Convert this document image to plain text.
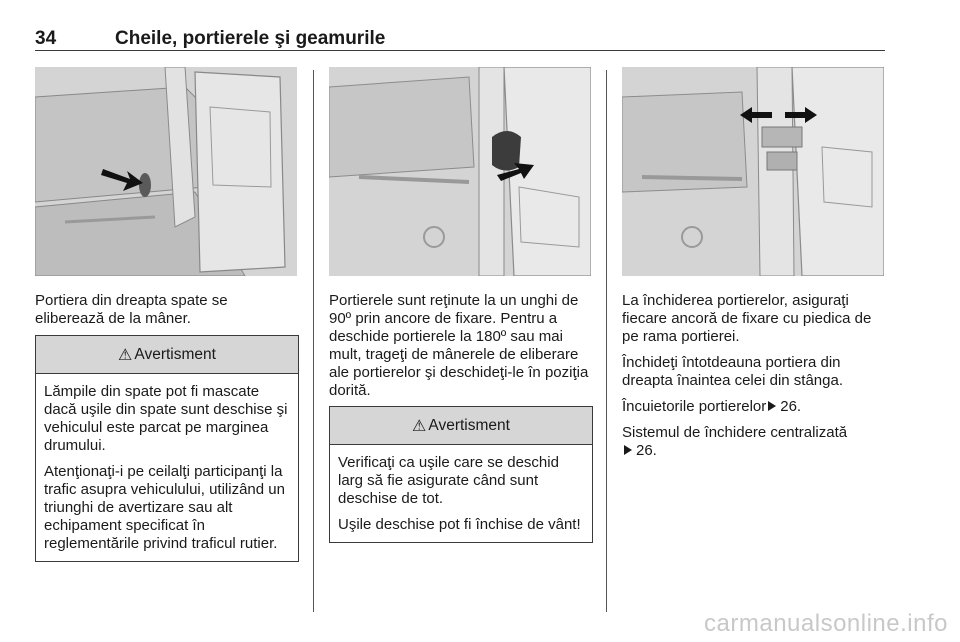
34	Cheile, portierele şi geamurile

Portiera din dreapta spate se eliberează de la mâner.

⚠ Avertisment

Lămpile din spate pot fi mascate dacă uşile din spate sunt deschise şi vehiculul este parcat pe marginea drumului.

Atenţionaţi-i pe ceilalţi participanţi la trafic asupra vehiculului, utilizând un triunghi de avertizare sau alt echipament specificat în reglementările privind traficul rutier.

Portierele sunt reţinute la un unghi de 90º prin ancore de fixare. Pentru a deschide portierele la 180º sau mai mult, trageţi de mânerele de eliberare ale portierelor şi deschideţi-le în poziţia dorită.

⚠ Avertisment

Verificaţi ca uşile care se deschid larg să fie asigurate când sunt deschise de tot.

Uşile deschise pot fi închise de vânt!

La închiderea portierelor, asiguraţi fiecare ancoră de fixare cu piedica de pe rama portierei.

Închideţi întotdeauna portiera din dreapta înaintea celei din stânga.

Încuietorile portierelor 26.

Sistemul de închidere centralizată
26.

carmanualsonline.info
